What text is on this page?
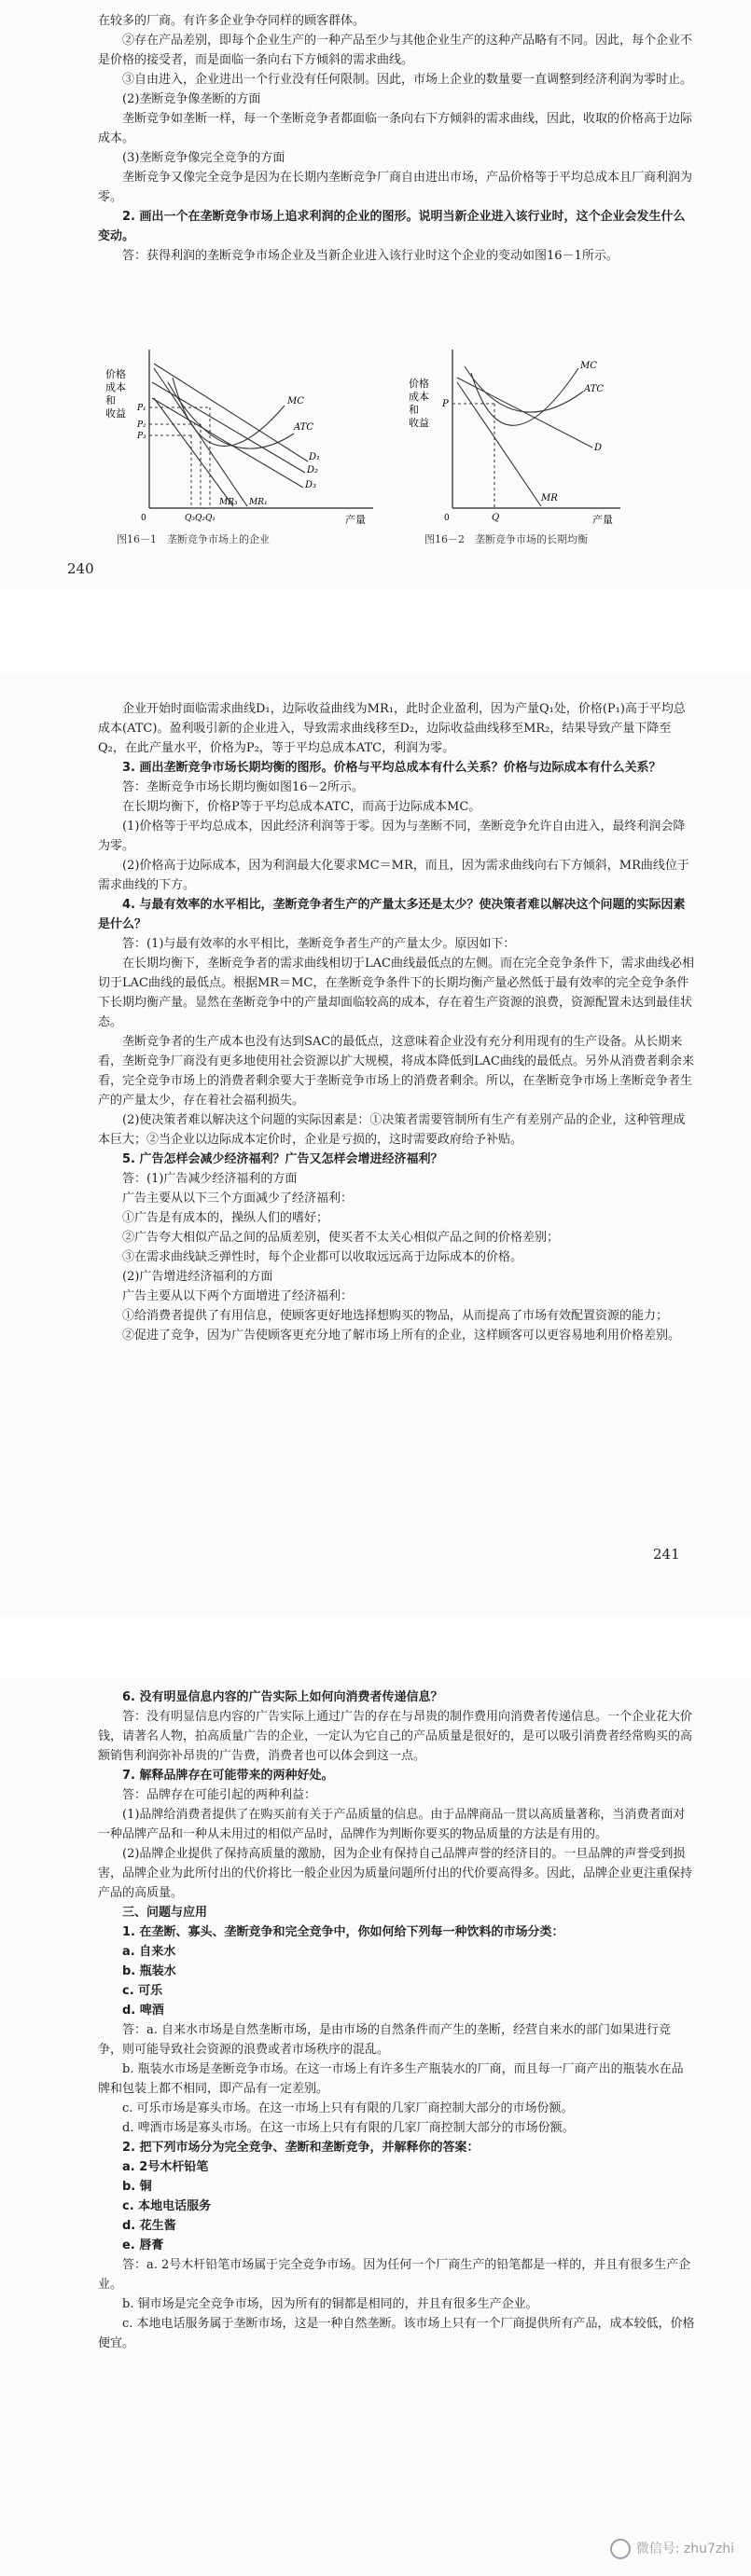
在较多的厂商。有许多企业争夺同样的顾客群体。

②存在产品差别，即每个企业生产的一种产品至少与其他企业生产的这种产品略有不同。因此，每个企业不是价格的接受者，而是面临一条向右下方倾斜的需求曲线。

③自由进入，企业进出一个行业没有任何限制。因此，市场上企业的数量要一直调整到经济利润为零时止。

(2)垄断竞争像垄断的方面

垄断竞争如垄断一样，每一个垄断竞争者都面临一条向右下方倾斜的需求曲线，因此，收取的价格高于边际成本。

(3)垄断竞争像完全竞争的方面

垄断竞争又像完全竞争是因为在长期内垄断竞争厂商自由进出市场，产品价格等于平均总成本且厂商利润为零。

2. 画出一个在垄断竞争市场上追求利润的企业的图形。说明当新企业进入该行业时，这个企业会发生什么变动。

答：获得利润的垄断竞争市场企业及当新企业进入该行业时这个企业的变动如图16－1所示。

价格
成本
和
收益
产量
MC
ATC
D₁
D₂
D₃
MR₁
MR₃
P₁
P₂
P₃
Q₁
Q₂
Q₃
0
图16－1　垄断竞争市场上的企业
价格
成本
和
收益
产量
MC
ATC
D
MR
P
Q
0
图16－2　垄断竞争市场的长期均衡
240

企业开始时面临需求曲线D₁，边际收益曲线为MR₁，此时企业盈利，因为产量Q₁处，价格(P₁)高于平均总成本(ATC)。盈利吸引新的企业进入，导致需求曲线移至D₂，边际收益曲线移至MR₂，结果导致产量下降至Q₂，在此产量水平，价格为P₂，等于平均总成本ATC，利润为零。

3. 画出垄断竞争市场长期均衡的图形。价格与平均总成本有什么关系？价格与边际成本有什么关系？

答：垄断竞争市场长期均衡如图16－2所示。

在长期均衡下，价格P等于平均总成本ATC，而高于边际成本MC。

(1)价格等于平均总成本，因此经济利润等于零。因为与垄断不同，垄断竞争允许自由进入，最终利润会降为零。

(2)价格高于边际成本，因为利润最大化要求MC＝MR，而且，因为需求曲线向右下方倾斜，MR曲线位于需求曲线的下方。

4. 与最有效率的水平相比，垄断竞争者生产的产量太多还是太少？使决策者难以解决这个问题的实际因素是什么？

答：(1)与最有效率的水平相比，垄断竞争者生产的产量太少。原因如下：

在长期均衡下，垄断竞争者的需求曲线相切于LAC曲线最低点的左侧。而在完全竞争条件下，需求曲线必相切于LAC曲线的最低点。根据MR＝MC，在垄断竞争条件下的长期均衡产量必然低于最有效率的完全竞争条件下长期均衡产量。显然在垄断竞争中的产量却面临较高的成本，存在着生产资源的浪费，资源配置未达到最佳状态。

垄断竞争者的生产成本也没有达到SAC的最低点，这意味着企业没有充分利用现有的生产设备。从长期来看，垄断竞争厂商没有更多地使用社会资源以扩大规模，将成本降低到LAC曲线的最低点。另外从消费者剩余来看，完全竞争市场上的消费者剩余要大于垄断竞争市场上的消费者剩余。所以，在垄断竞争市场上垄断竞争者生产的产量太少，存在着社会福利损失。

(2)使决策者难以解决这个问题的实际因素是：①决策者需要管制所有生产有差别产品的企业，这种管理成本巨大；②当企业以边际成本定价时，企业是亏损的，这时需要政府给予补贴。

5. 广告怎样会减少经济福利？广告又怎样会增进经济福利？

答：(1)广告减少经济福利的方面

广告主要从以下三个方面减少了经济福利：

①广告是有成本的，操纵人们的嗜好；

②广告夸大相似产品之间的品质差别，使买者不太关心相似产品之间的价格差别；

③在需求曲线缺乏弹性时，每个企业都可以收取远远高于边际成本的价格。

(2)广告增进经济福利的方面

广告主要从以下两个方面增进了经济福利：

①给消费者提供了有用信息，使顾客更好地选择想购买的物品，从而提高了市场有效配置资源的能力；

②促进了竞争，因为广告使顾客更充分地了解市场上所有的企业，这样顾客可以更容易地利用价格差别。

241

6. 没有明显信息内容的广告实际上如何向消费者传递信息？

答：没有明显信息内容的广告实际上通过广告的存在与昂贵的制作费用向消费者传递信息。一个企业花大价钱，请著名人物，拍高质量广告的企业，一定认为它自己的产品质量是很好的，是可以吸引消费者经常购买的高额销售利润弥补昂贵的广告费，消费者也可以体会到这一点。

7. 解释品牌存在可能带来的两种好处。

答：品牌存在可能引起的两种利益：

(1)品牌给消费者提供了在购买前有关于产品质量的信息。由于品牌商品一贯以高质量著称，当消费者面对一种品牌产品和一种从未用过的相似产品时，品牌作为判断你要买的物品质量的方法是有用的。

(2)品牌企业提供了保持高质量的激励，因为企业有保持自己品牌声誉的经济目的。一旦品牌的声誉受到损害，品牌企业为此所付出的代价将比一般企业因为质量问题所付出的代价要高得多。因此，品牌企业更注重保持产品的高质量。

三、问题与应用

1. 在垄断、寡头、垄断竞争和完全竞争中，你如何给下列每一种饮料的市场分类：

a. 自来水

b. 瓶装水

c. 可乐

d. 啤酒

答：a. 自来水市场是自然垄断市场，是由市场的自然条件而产生的垄断，经营自来水的部门如果进行竞争，则可能导致社会资源的浪费或者市场秩序的混乱。

b. 瓶装水市场是垄断竞争市场。在这一市场上有许多生产瓶装水的厂商，而且每一厂商产出的瓶装水在品牌和包装上都不相同，即产品有一定差别。

c. 可乐市场是寡头市场。在这一市场上只有有限的几家厂商控制大部分的市场份额。

d. 啤酒市场是寡头市场。在这一市场上只有有限的几家厂商控制大部分的市场份额。

2. 把下列市场分为完全竞争、垄断和垄断竞争，并解释你的答案：

a. 2号木杆铅笔

b. 铜

c. 本地电话服务

d. 花生酱

e. 唇膏

答：a. 2号木杆铅笔市场属于完全竞争市场。因为任何一个厂商生产的铅笔都是一样的，并且有很多生产企业。

b. 铜市场是完全竞争市场，因为所有的铜都是相同的，并且有很多生产企业。

c. 本地电话服务属于垄断市场，这是一种自然垄断。该市场上只有一个厂商提供所有产品，成本较低，价格便宜。

微信号: zhu7zhi
